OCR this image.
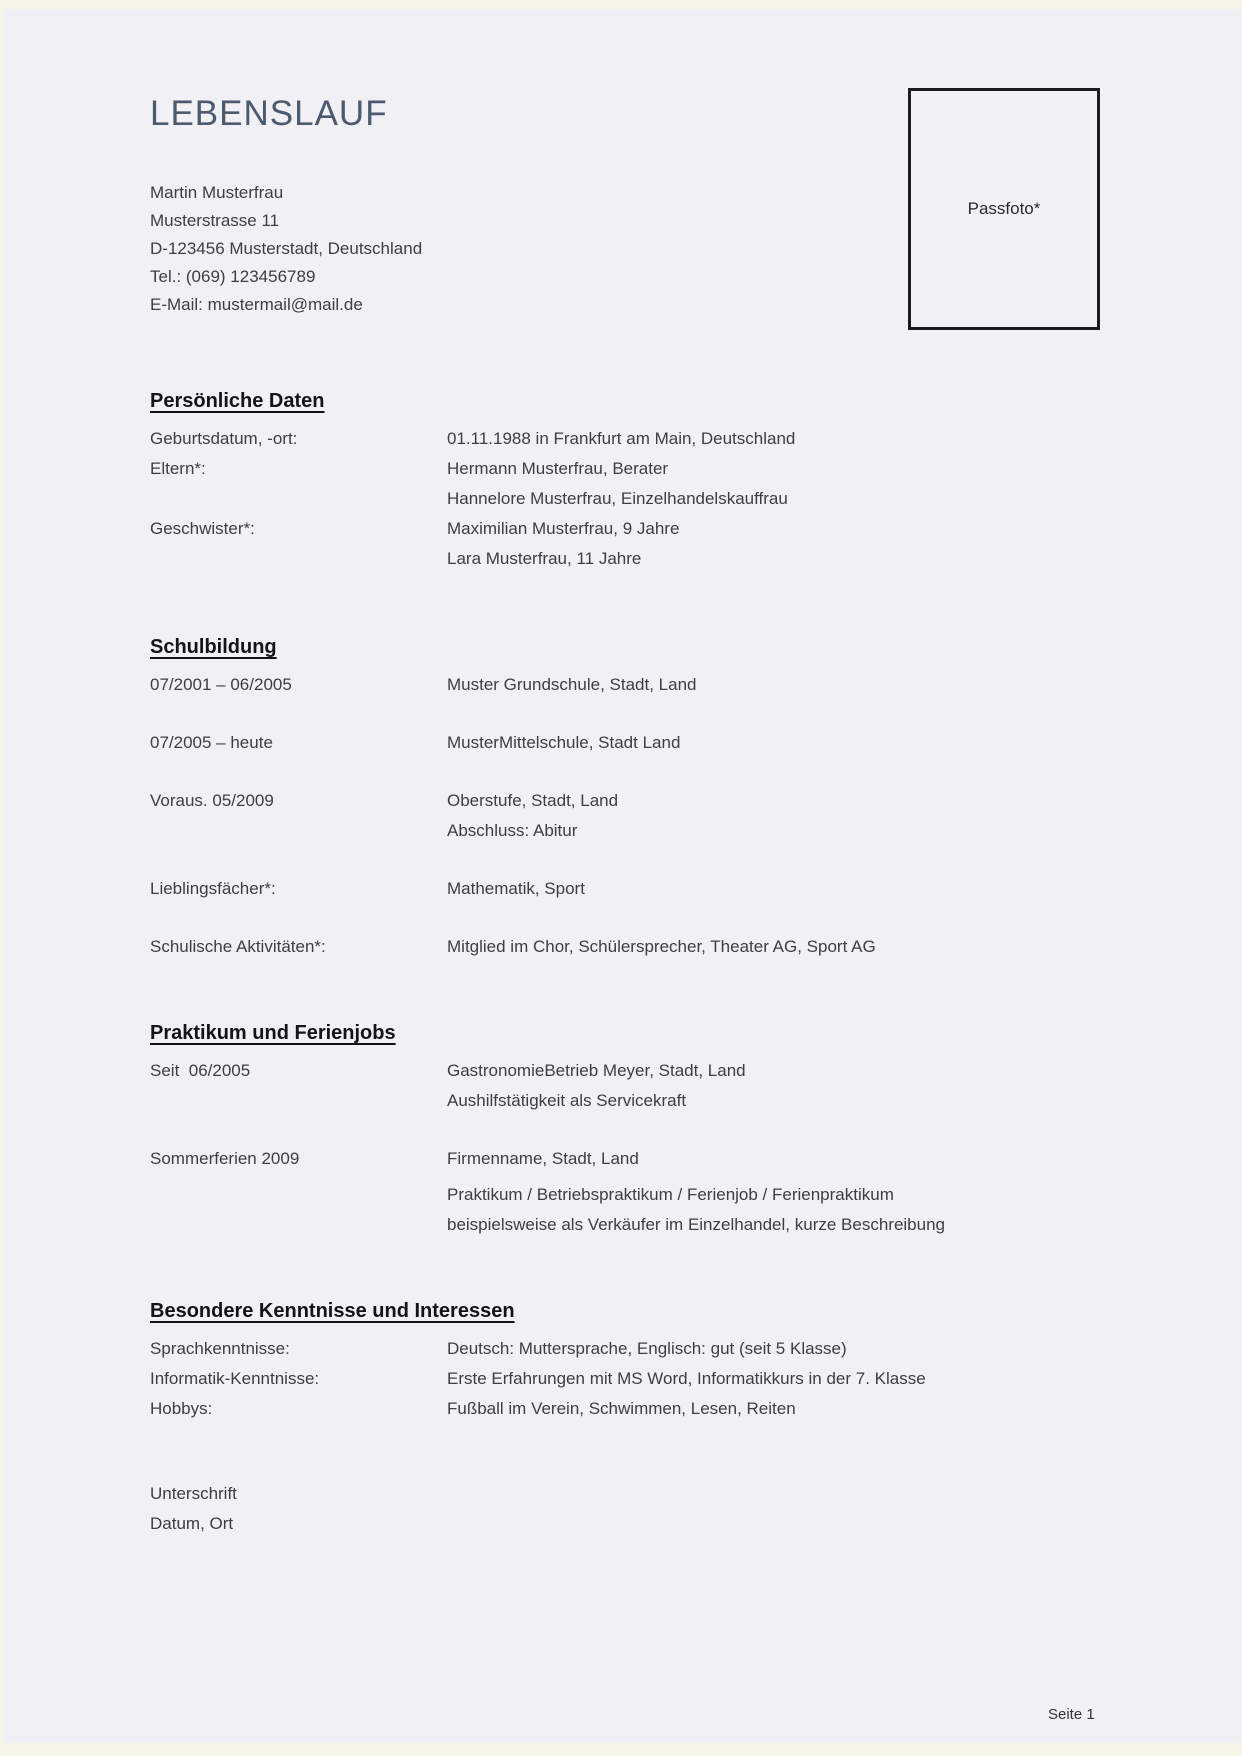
LEBENSLAUF
Martin Musterfrau
Musterstrasse 11
D-123456 Musterstadt, Deutschland
Tel.: (069) 123456789
E-Mail: mustermail@mail.de
Passfoto*
Persönliche Daten
Geburtsdatum, -ort:	01.11.1988 in Frankfurt am Main, Deutschland
Eltern*:	Hermann Musterfrau, Berater
Hannelore Musterfrau, Einzelhandelskauffrau
Geschwister*:	Maximilian Musterfrau, 9 Jahre
Lara Musterfrau, 11 Jahre
Schulbildung
07/2001 – 06/2005	Muster Grundschule, Stadt, Land
07/2005 – heute	MusterMittelschule, Stadt Land
Voraus. 05/2009	Oberstufe, Stadt, Land
Abschluss: Abitur
Lieblingsfächer*:	Mathematik, Sport
Schulische Aktivitäten*:	Mitglied im Chor, Schülersprecher, Theater AG, Sport AG
Praktikum und Ferienjobs
Seit  06/2005	GastronomieBetrieb Meyer, Stadt, Land
Aushilfstätigkeit als Servicekraft
Sommerferien 2009	Firmenname, Stadt, Land
Praktikum / Betriebspraktikum / Ferienjob / Ferienpraktikum
beispielsweise als Verkäufer im Einzelhandel, kurze Beschreibung
Besondere Kenntnisse und Interessen
Sprachkenntnisse:	Deutsch: Muttersprache, Englisch: gut (seit 5 Klasse)
Informatik-Kenntnisse:	Erste Erfahrungen mit MS Word, Informatikkurs in der 7. Klasse
Hobbys:	Fußball im Verein, Schwimmen, Lesen, Reiten
Unterschrift
Datum, Ort
Seite 1
